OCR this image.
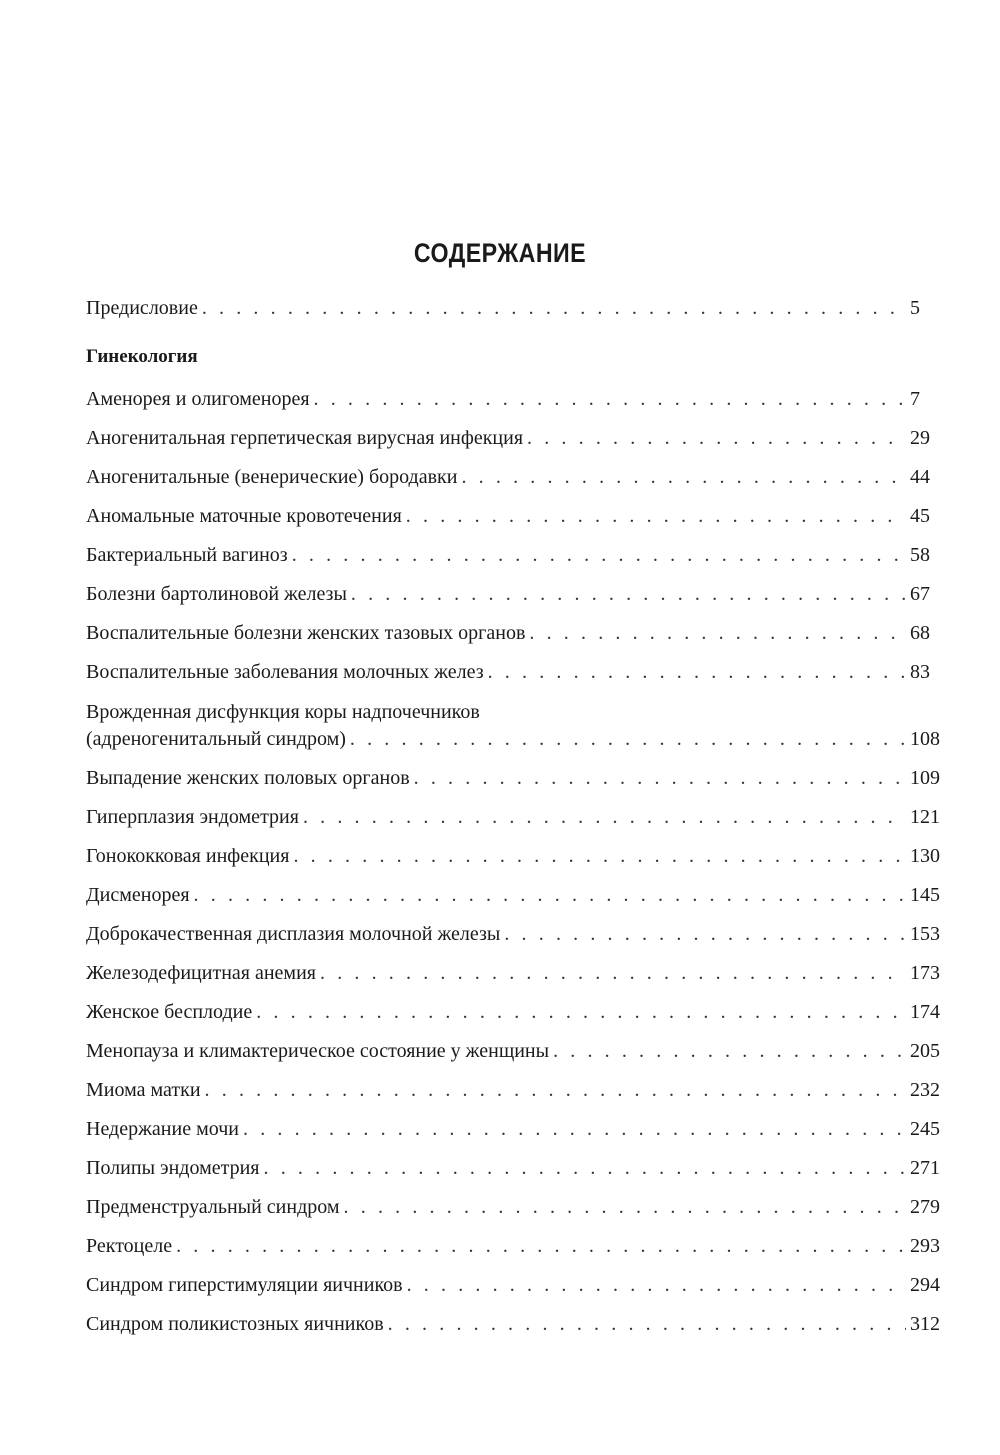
СОДЕРЖАНИЕ
Предисловие . . .	5
Гинекология
Аменорея и олигоменорея . . .	7
Аногенитальная герпетическая вирусная инфекция . . .	29
Аногенитальные (венерические) бородавки . . .	44
Аномальные маточные кровотечения . . .	45
Бактериальный вагиноз . . .	58
Болезни бартолиновой железы . . .	67
Воспалительные болезни женских тазовых органов . . .	68
Воспалительные заболевания молочных желез . . .	83
Врожденная дисфункция коры надпочечников
(адреногенитальный синдром) . . .	108
Выпадение женских половых органов . . .	109
Гиперплазия эндометрия . . .	121
Гонококковая инфекция . . .	130
Дисменорея . . .	145
Доброкачественная дисплазия молочной железы . . .	153
Железодефицитная анемия . . .	173
Женское бесплодие . . .	174
Менопауза и климактерическое состояние у женщины . . .	205
Миома матки . . .	232
Недержание мочи . . .	245
Полипы эндометрия . . .	271
Предменструальный синдром . . .	279
Ректоцеле . . .	293
Синдром гиперстимуляции яичников . . .	294
Синдром поликистозных яичников . . .	312
